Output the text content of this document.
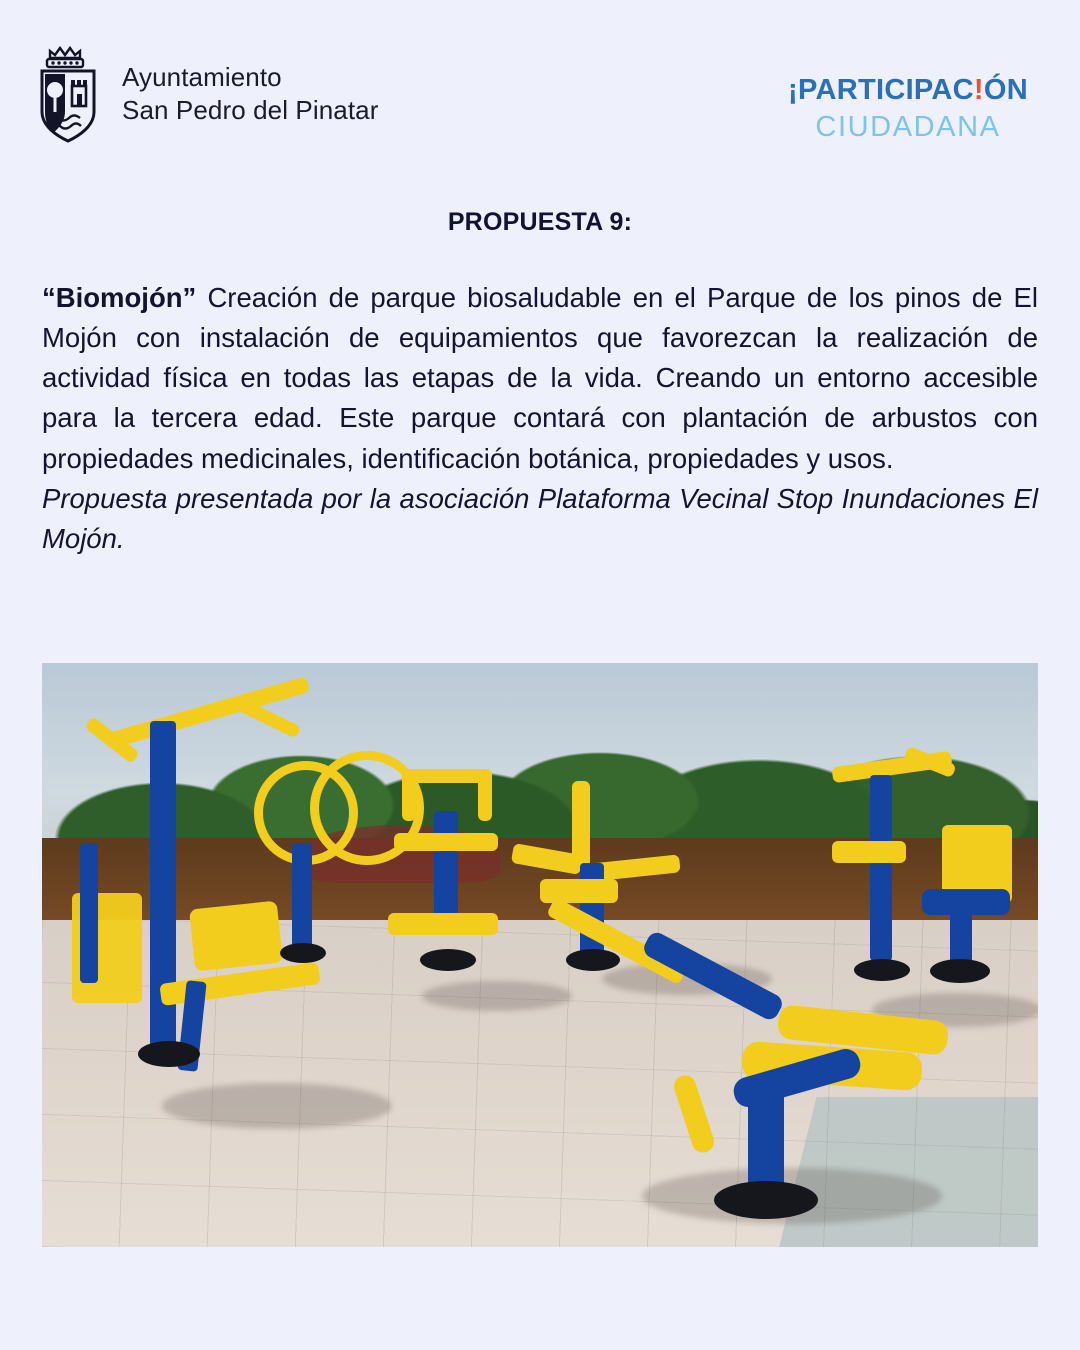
Ayuntamiento
San Pedro del Pinatar
¡PARTICIPAC!ÓN
CIUDADANA
PROPUESTA 9:

“Biomojón” Creación de parque biosaludable en el Parque de los pinos de El Mojón con instalación de equipamientos que favorezcan la realización de actividad física en todas las etapas de la vida. Creando un entorno accesible para la tercera edad. Este parque contará con plantación de arbustos con propiedades medicinales, identificación botánica, propiedades y usos.

Propuesta presentada por la asociación Plataforma Vecinal Stop Inundaciones El Mojón.
